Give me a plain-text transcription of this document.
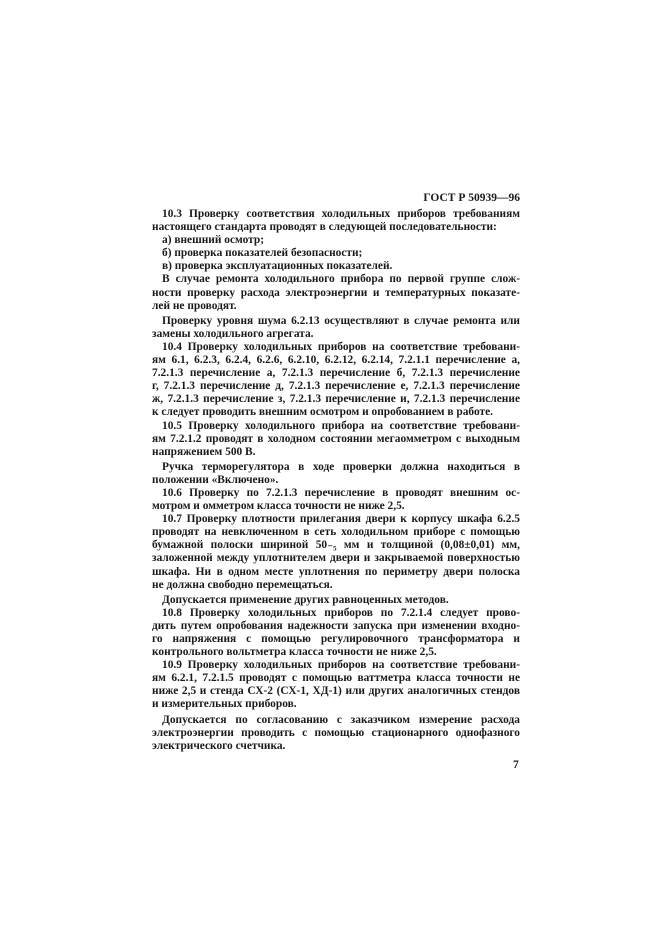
ГОСТ Р 50939—96
10.3 Проверку соответствия холодильных приборов требованиям
настоящего стандарта проводят в следующей последовательности:
а) внешний осмотр;
б) проверка показателей безопасности;
в) проверка эксплуатационных показателей.
В случае ремонта холодильного прибора по первой группе слож-
ности проверку расхода электроэнергии и температурных показате-
лей не проводят.
Проверку уровня шума 6.2.13 осуществляют в случае ремонта или
замены холодильного агрегата.
10.4 Проверку холодильных приборов на соответствие требовани-
ям 6.1, 6.2.3, 6.2.4, 6.2.6, 6.2.10, 6.2.12, 6.2.14, 7.2.1.1 перечисление а,
7.2.1.3 перечисление а, 7.2.1.3 перечисление б, 7.2.1.3 перечисление
г, 7.2.1.3 перечисление д, 7.2.1.3 перечисление е, 7.2.1.3 перечисление
ж, 7.2.1.3 перечисление з, 7.2.1.3 перечисление и, 7.2.1.3 перечисление
к следует проводить внешним осмотром и опробованием в работе.
10.5 Проверку холодильного прибора на соответствие требовани-
ям 7.2.1.2 проводят в холодном состоянии мегаомметром с выходным
напряжением 500 В.
Ручка терморегулятора в ходе проверки должна находиться в
положении «Включено».
10.6 Проверку по 7.2.1.3 перечисление в проводят внешним ос-
мотром и омметром класса точности не ниже 2,5.
10.7 Проверку плотности прилегания двери к корпусу шкафа 6.2.5
проводят на невключенном в сеть холодильном приборе с помощью
бумажной полоски шириной 50₋₅ мм и толщиной (0,08±0,01) мм,
заложенной между уплотнителем двери и закрываемой поверхностью
шкафа. Ни в одном месте уплотнения по периметру двери полоска
не должна свободно перемещаться.
Допускается применение других равноценных методов.
10.8 Проверку холодильных приборов по 7.2.1.4 следует прово-
дить путем опробования надежности запуска при изменении входно-
го напряжения с помощью регулировочного трансформатора и
контрольного вольтметра класса точности не ниже 2,5.
10.9 Проверку холодильных приборов на соответствие требовани-
ям 6.2.1, 7.2.1.5 проводят с помощью ваттметра класса точности не
ниже 2,5 и стенда СХ-2 (СХ-1, ХД-1) или других аналогичных стендов
и измерительных приборов.
Допускается по согласованию с заказчиком измерение расхода
электроэнергии проводить с помощью стационарного однофазного
электрического счетчика.
7
